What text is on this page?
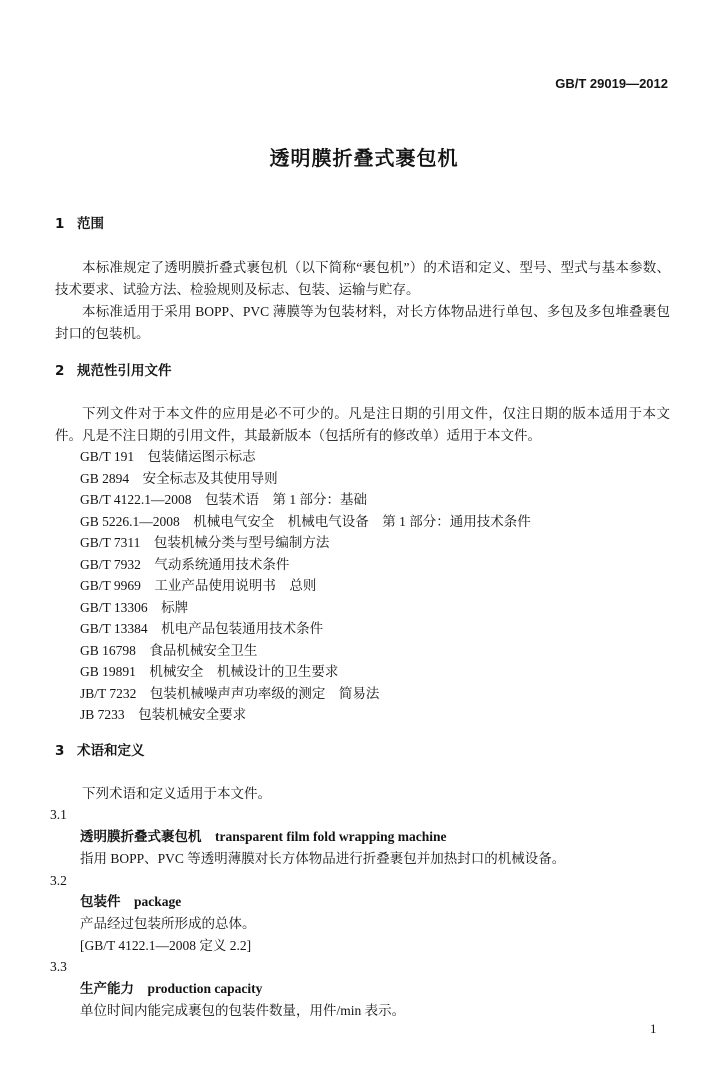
GB/T 29019—2012
透明膜折叠式裹包机
1 范围

本标准规定了透明膜折叠式裹包机（以下简称“裹包机”）的术语和定义、型号、型式与基本参数、技术要求、试验方法、检验规则及标志、包装、运输与贮存。

本标准适用于采用 BOPP、PVC 薄膜等为包装材料，对长方体物品进行单包、多包及多包堆叠裹包封口的包装机。

2 规范性引用文件

下列文件对于本文件的应用是必不可少的。凡是注日期的引用文件，仅注日期的版本适用于本文件。凡是不注日期的引用文件，其最新版本（包括所有的修改单）适用于本文件。

GB/T 191 包装储运图示标志
GB 2894 安全标志及其使用导则
GB/T 4122.1—2008 包装术语　第 1 部分：基础
GB 5226.1—2008 机械电气安全　机械电气设备　第 1 部分：通用技术条件
GB/T 7311 包装机械分类与型号编制方法
GB/T 7932 气动系统通用技术条件
GB/T 9969 工业产品使用说明书　总则
GB/T 13306 标牌
GB/T 13384 机电产品包装通用技术条件
GB 16798 食品机械安全卫生
GB 19891 机械安全　机械设计的卫生要求
JB/T 7232 包装机械噪声声功率级的测定　简易法
JB 7233 包装机械安全要求
3 术语和定义

下列术语和定义适用于本文件。

3.1
透明膜折叠式裹包机 transparent film fold wrapping machine
指用 BOPP、PVC 等透明薄膜对长方体物品进行折叠裹包并加热封口的机械设备。
3.2
包装件 package
产品经过包装所形成的总体。
[GB/T 4122.1—2008 定义 2.2]
3.3
生产能力 production capacity
单位时间内能完成裹包的包装件数量，用件/min 表示。
1
